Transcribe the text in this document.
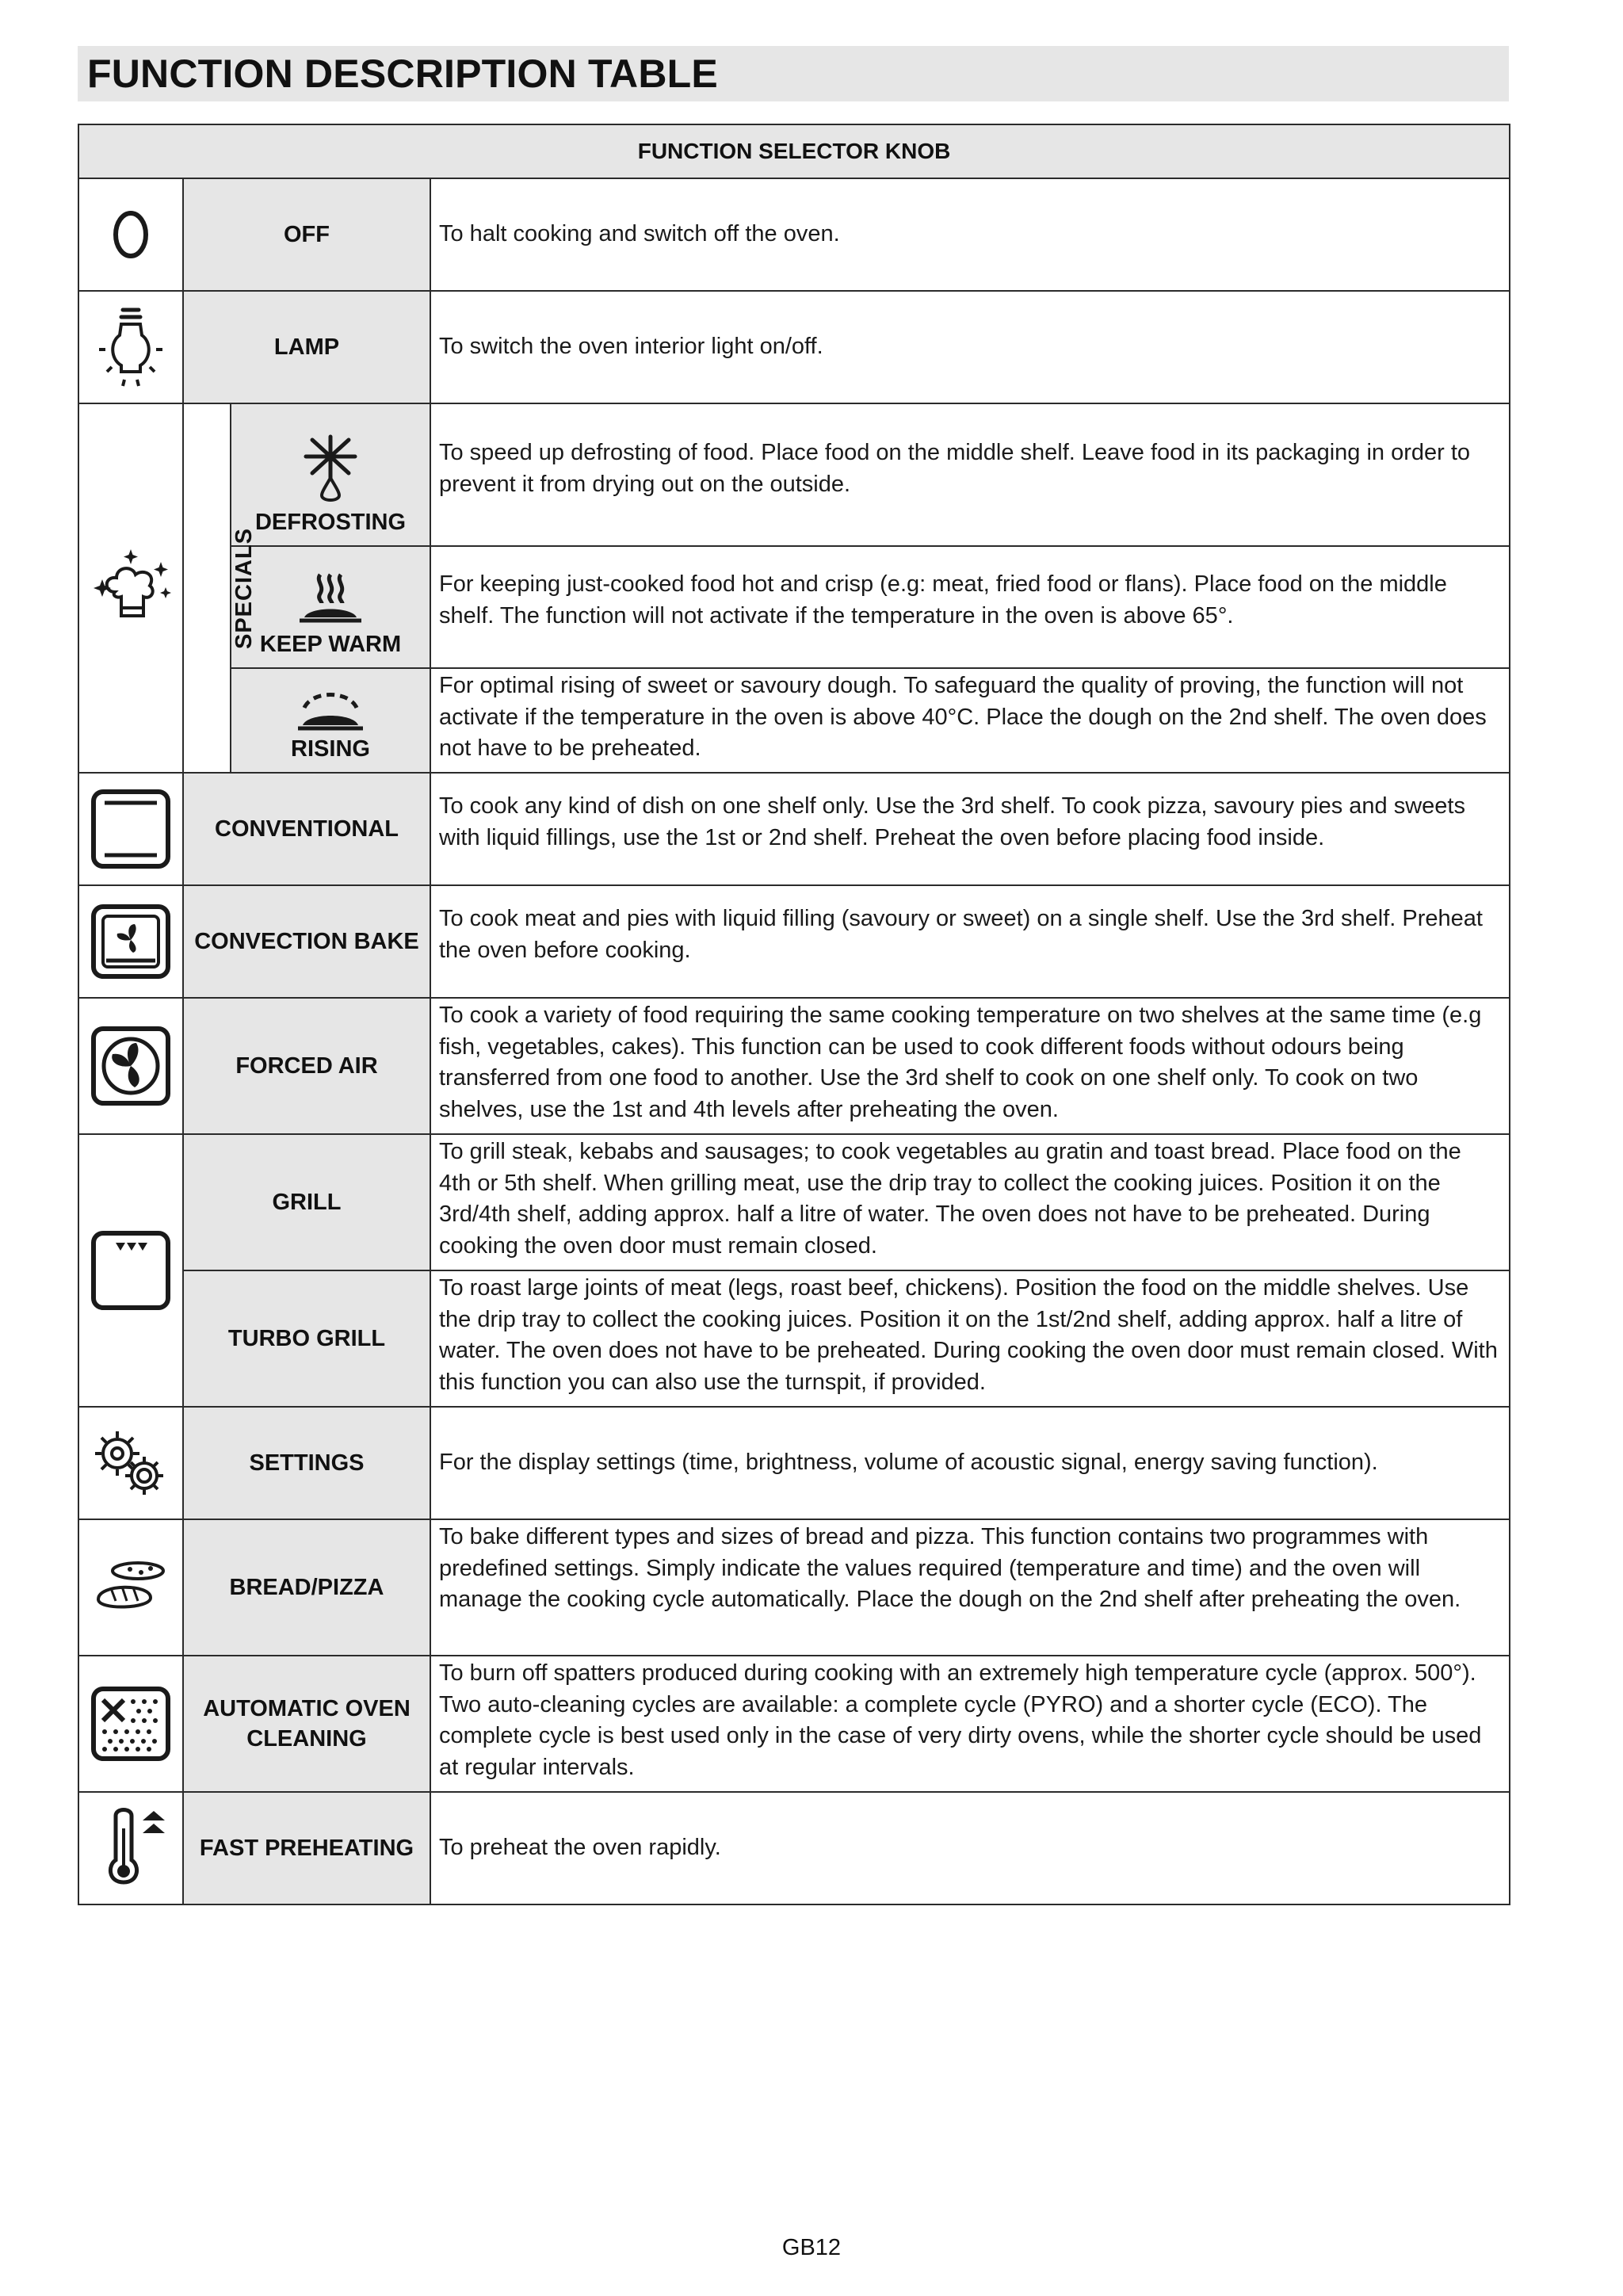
FUNCTION DESCRIPTION TABLE
FUNCTION SELECTOR KNOB			

	OFF		To halt cooking and switch off the oven.

	LAMP		To switch the oven interior light on/off.

	SPECIALS	DEFROSTING	To speed up defrosting of food. Place food on the middle shelf. Leave food in its packaging in order to prevent it from drying out on the outside.

KEEP WARM	For keeping just-cooked food hot and crisp (e.g: meat, fried food or flans). Place food on the middle shelf. The function will not activate if the temperature in the oven is above 65°.

RISING	For optimal rising of sweet or savoury dough. To safeguard the quality of proving, the function will not activate if the temperature in the oven is above 40°C. Place the dough on the 2nd shelf. The oven does not have to be preheated.

	CONVENTIONAL		To cook any kind of dish on one shelf only. Use the 3rd shelf. To cook pizza, savoury pies and sweets with liquid fillings, use the 1st or 2nd shelf. Preheat the oven before placing food inside.

	CONVECTION BAKE		To cook meat and pies with liquid filling (savoury or sweet) on a single shelf. Use the 3rd shelf. Preheat the oven before cooking.

	FORCED AIR		To cook a variety of food requiring the same cooking temperature on two shelves at the same time (e.g fish, vegetables, cakes). This function can be used to cook different foods without odours being transferred from one food to another. Use the 3rd shelf to cook on one shelf only. To cook on two shelves, use the 1st and 4th levels after preheating the oven.

	GRILL		To grill steak, kebabs and sausages; to cook vegetables au gratin and toast bread. Place food on the 4th or 5th shelf. When grilling meat, use the drip tray to collect the cooking juices. Position it on the 3rd/4th shelf, adding approx. half a litre of water. The oven does not have to be preheated. During cooking the oven door must remain closed.
	TURBO GRILL		To roast large joints of meat (legs, roast beef, chickens). Position the food on the middle shelves. Use the drip tray to collect the cooking juices. Position it on the 1st/2nd shelf, adding approx. half a litre of water. The oven does not have to be preheated. During cooking the oven door must remain closed. With this function you can also use the turnspit, if provided.

	SETTINGS		For the display settings (time, brightness, volume of acoustic signal, energy saving function).

	BREAD/PIZZA		To bake different types and sizes of bread and pizza. This function contains two programmes with predefined settings. Simply indicate the values required (temperature and time) and the oven will manage the cooking cycle automatically. Place the dough on the 2nd shelf after preheating the oven.

	AUTOMATIC OVEN
CLEANING		To burn off spatters produced during cooking with an extremely high temperature cycle (approx. 500°). Two auto-cleaning cycles are available: a complete cycle (PYRO) and a shorter cycle (ECO). The complete cycle is best used only in the case of very dirty ovens, while the shorter cycle should be used at regular intervals.

	FAST PREHEATING		To preheat the oven rapidly.
GB12
